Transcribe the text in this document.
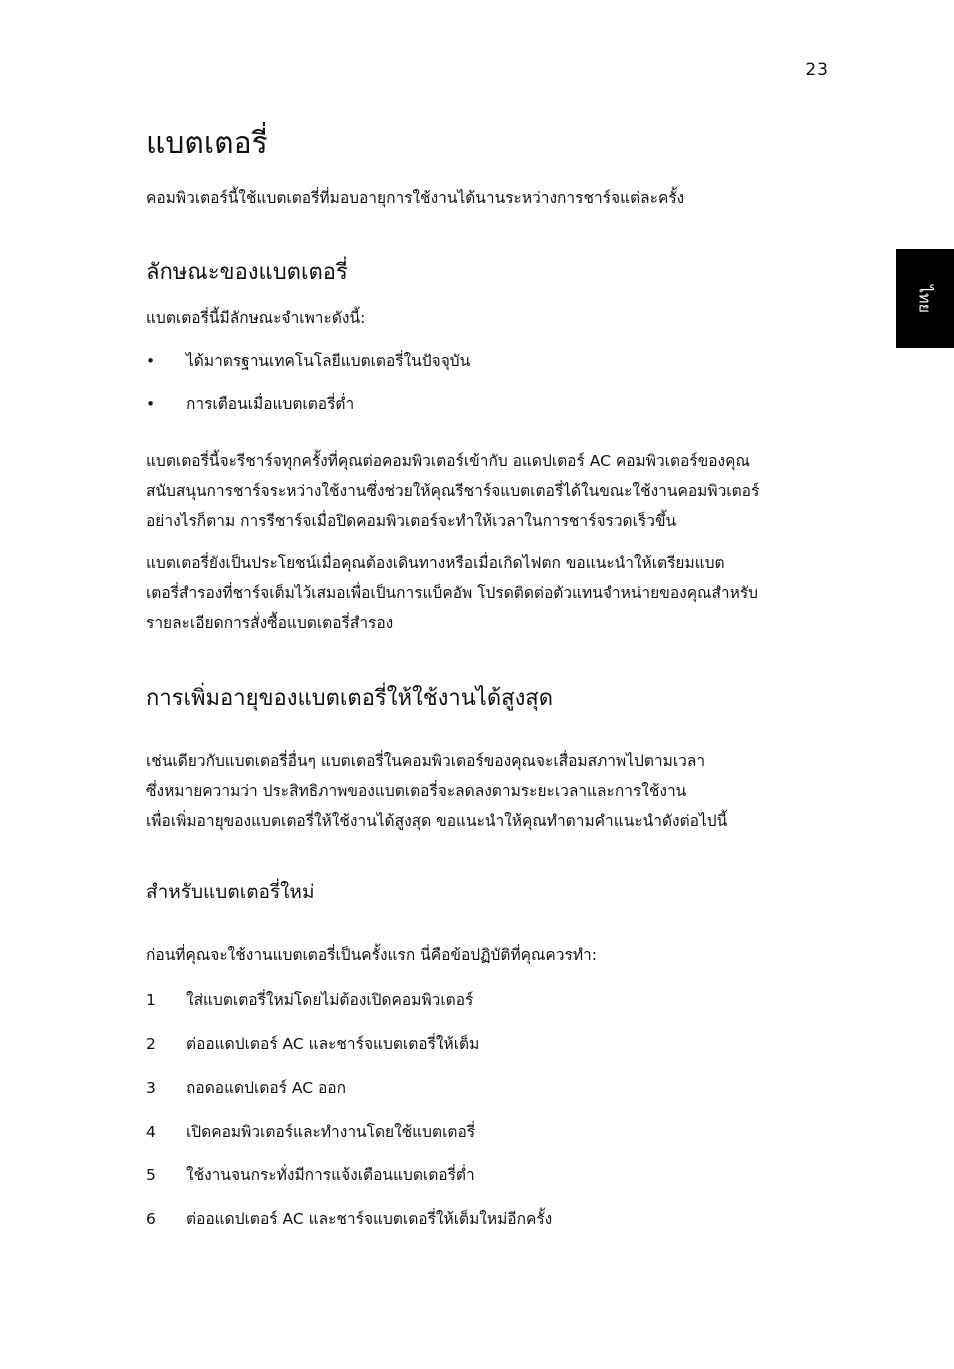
23
ไทย
แบตเตอรี่
คอมพิวเตอร์นี้ใช้แบตเตอรี่ที่มอบอายุการใช้งานได้นานระหว่างการชาร์จแต่ละครั้ง
ลักษณะของแบตเตอรี่
แบตเตอรี่นี้มีลักษณะจำเพาะดังนี้:
•	ได้มาตรฐานเทคโนโลยีแบตเตอรี่ในปัจจุบัน
•	การเตือนเมื่อแบตเตอรี่ต่ำ
แบตเตอรี่นี้จะรีชาร์จทุกครั้งที่คุณต่อคอมพิวเตอร์เข้ากับ อแดปเตอร์ AC คอมพิวเตอร์ของคุณ
สนับสนุนการชาร์จระหว่างใช้งานซึ่งช่วยให้คุณรีชาร์จแบตเตอรี่ได้ในขณะใช้งานคอมพิวเตอร์
อย่างไรก็ตาม การรีชาร์จเมื่อปิดคอมพิวเตอร์จะทำให้เวลาในการชาร์จรวดเร็วขึ้น
แบตเตอรี่ยังเป็นประโยชน์เมื่อคุณต้องเดินทางหรือเมื่อเกิดไฟตก ขอแนะนำให้เตรียมแบต
เตอรี่สำรองที่ชาร์จเต็มไว้เสมอเพื่อเป็นการแบ็คอัพ โปรดติดต่อตัวแทนจำหน่ายของคุณสำหรับ
รายละเอียดการสั่งซื้อแบตเตอรี่สำรอง
การเพิ่มอายุของแบตเตอรี่ให้ใช้งานได้สูงสุด
เช่นเดียวกับแบตเตอรี่อื่นๆ แบตเตอรี่ในคอมพิวเตอร์ของคุณจะเสื่อมสภาพไปตามเวลา
ซึ่งหมายความว่า ประสิทธิภาพของแบตเตอรี่จะลดลงตามระยะเวลาและการใช้งาน
เพื่อเพิ่มอายุของแบตเตอรี่ให้ใช้งานได้สูงสุด ขอแนะนำให้คุณทำตามคำแนะนำดังต่อไปนี้
สำหรับแบตเตอรี่ใหม่
ก่อนที่คุณจะใช้งานแบตเตอรี่เป็นครั้งแรก นี่คือข้อปฏิบัติที่คุณควรทำ:
1	ใส่แบตเตอรี่ใหม่โดยไม่ต้องเปิดคอมพิวเตอร์
2	ต่ออแดปเตอร์ AC และชาร์จแบตเตอรี่ให้เต็ม
3	ถอดอแดปเตอร์ AC ออก
4	เปิดคอมพิวเตอร์และทำงานโดยใช้แบตเตอรี่
5	ใช้งานจนกระทั่งมีการแจ้งเตือนแบตเตอรี่ต่ำ
6	ต่ออแดปเตอร์ AC และชาร์จแบตเตอรี่ให้เต็มใหม่อีกครั้ง
